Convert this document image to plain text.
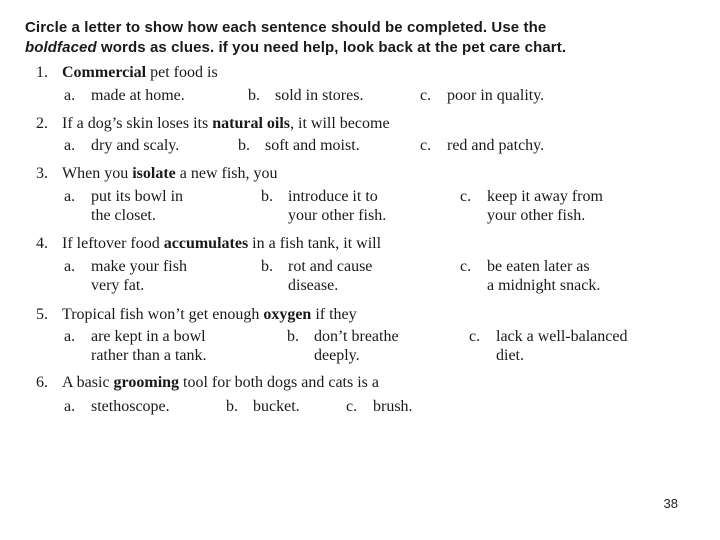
Circle a letter to show how each sentence should be completed. Use the
boldfaced words as clues. if you need help, look back at the pet care chart.
1. Commercial pet food is
a. made at home.	b. sold in stores.	c. poor in quality.
2. If a dog’s skin loses its natural oils, it will become
a. dry and scaly.	b. soft and moist.	c. red and patchy.
3. When you isolate a new fish, you
a. put its bowl in
the closet.
b. introduce it to
your other fish.
c. keep it away from
your other fish.
4. If leftover food accumulates in a fish tank, it will
a. make your fish
very fat.
b. rot and cause
disease.
c. be eaten later as
a midnight snack.
5. Tropical fish won’t get enough oxygen if they
a. are kept in a bowl
rather than a tank.
b. don’t breathe
deeply.
c. lack a well-balanced
diet.
6. A basic grooming tool for both dogs and cats is a
a. stethoscope.	b. bucket.	c. brush.
38
